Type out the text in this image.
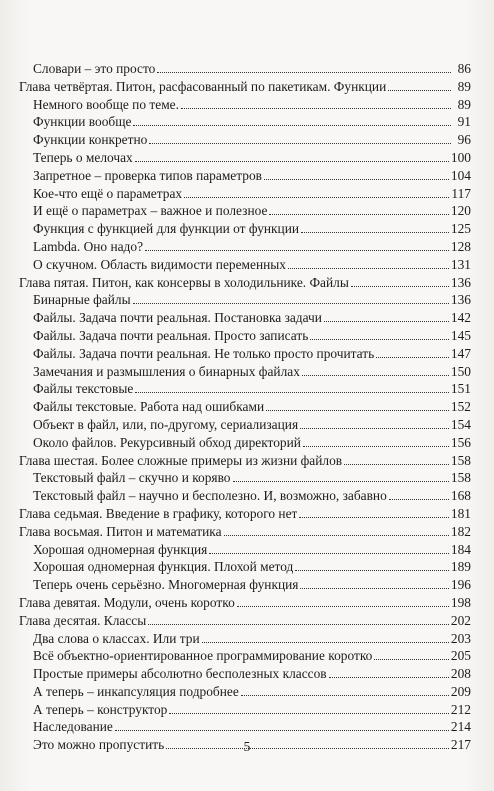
Словари – это просто	86
Глава четвёртая. Питон, расфасованный по пакетикам. Функции	89
Немного вообще по теме.	89
Функции вообще	91
Функции конкретно	96
Теперь о мелочах	100
Запретное – проверка типов параметров	104
Кое-что ещё о параметрах	117
И ещё о параметрах – важное и полезное	120
Функция с функцией для функции от функции	125
Lambda. Оно надо?	128
О скучном. Область видимости переменных	131
Глава пятая. Питон, как консервы в холодильнике. Файлы	136
Бинарные файлы	136
Файлы. Задача почти реальная. Постановка задачи	142
Файлы. Задача почти реальная. Просто записать	145
Файлы. Задача почти реальная. Не только просто прочитать	147
Замечания и размышления о бинарных файлах	150
Файлы текстовые	151
Файлы текстовые. Работа над ошибками	152
Объект в файл, или, по-другому, сериализация	154
Около файлов. Рекурсивный обход директорий	156
Глава шестая. Более сложные примеры из жизни файлов	158
Текстовый файл – скучно и коряво	158
Текстовый файл – научно и бесполезно. И, возможно, забавно	168
Глава седьмая. Введение в графику, которого нет	181
Глава восьмая. Питон и математика	182
Хорошая одномерная функция	184
Хорошая одномерная функция. Плохой метод	189
Теперь очень серьёзно. Многомерная функция	196
Глава девятая. Модули, очень коротко	198
Глава десятая. Классы	202
Два слова о классах. Или три	203
Всё объектно-ориентированное программирование коротко	205
Простые примеры абсолютно бесполезных классов	208
А теперь – инкапсуляция подробнее	209
А теперь – конструктор	212
Наследование	214
Это можно пропустить	217
5
